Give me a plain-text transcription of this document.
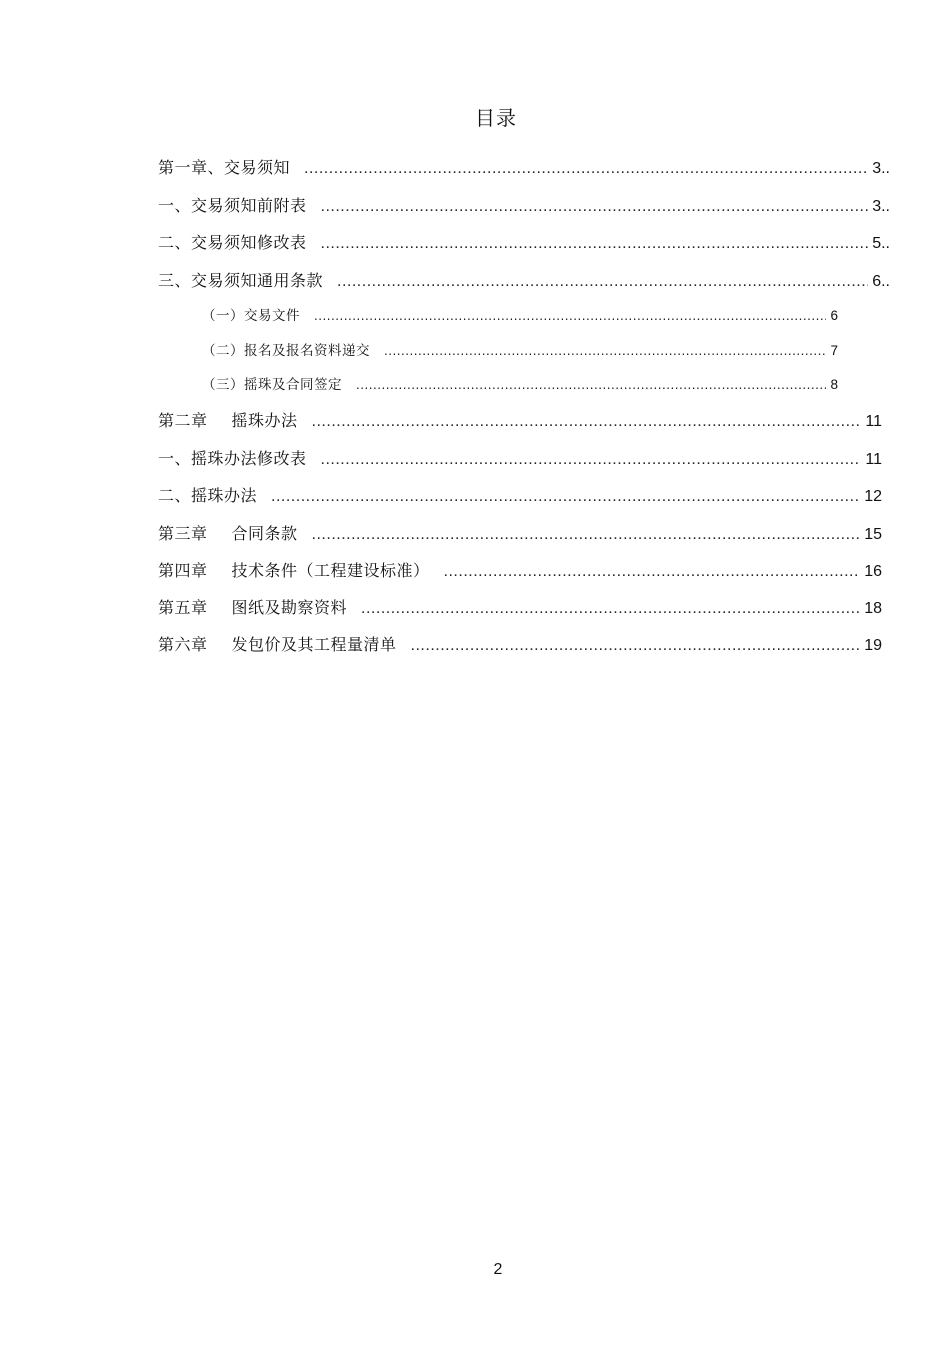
目录
第一章、交易须知 .....	3..
一、交易须知前附表 .....	3..
二、交易须知修改表 .....	5..
三、交易须知通用条款 .....	6..
（一）交易文件 .....	6
（二）报名及报名资料递交 .....	7
（三）摇珠及合同签定 .....	8
第二章 摇珠办法 .....	11
一、摇珠办法修改表 .....	11
二、摇珠办法 .....	12
第三章 合同条款 .....	15
第四章 技术条件（工程建设标准） .....	16
第五章 图纸及勘察资料 .....	18
第六章 发包价及其工程量清单 .....	19
2
